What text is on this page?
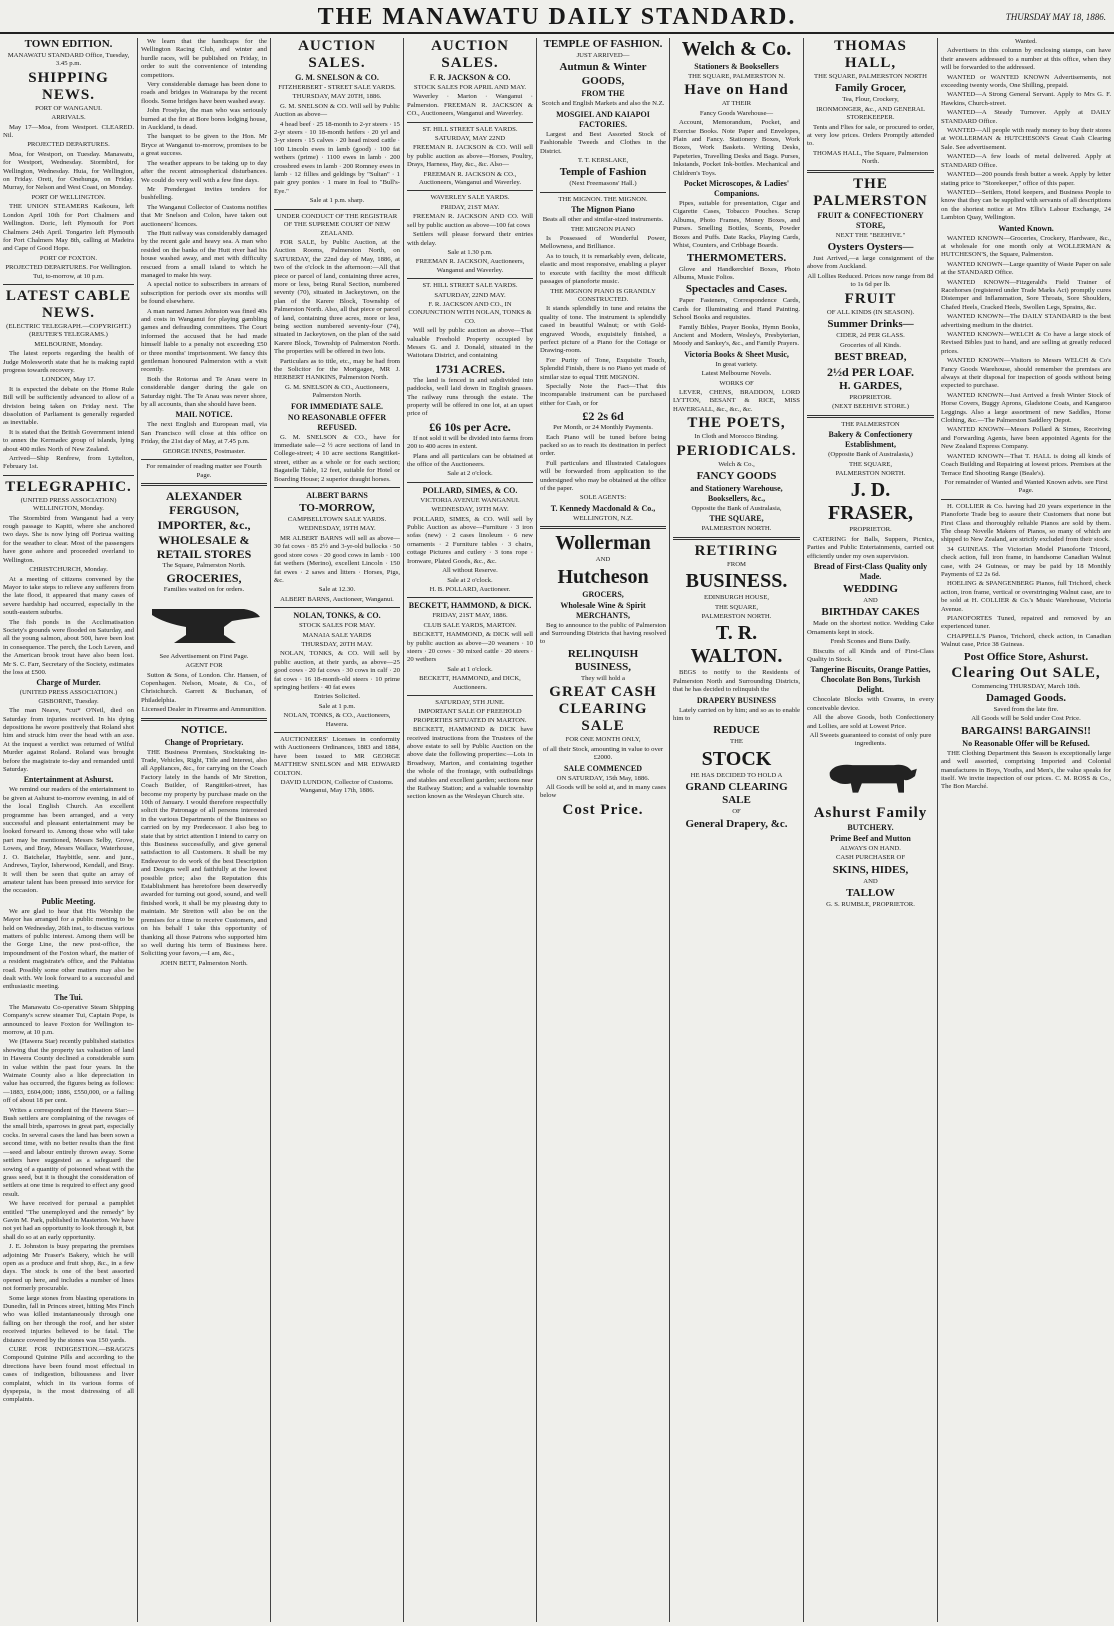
THE MANAWATU DAILY STANDARD.	THURSDAY MAY 18, 1886.

TOWN EDITION.

MANAWATU STANDARD Office, Tuesday, 3.45 p.m.

SHIPPING NEWS.

PORT OF WANGANUI.

ARRIVALS.

May 17—Moa, from Westport. CLEARED. Nil.

PROJECTED DEPARTURES.

Moa, for Westport, on Tuesday. Manawatu, for Westport, Wednesday. Stormbird, for Wellington, Wednesday. Huia, for Wellington, on Friday. Oreti, for Onehunga, on Friday. Murray, for Nelson and West Coast, on Monday.

PORT OF WELLINGTON.

THE UNION STEAMERS Kaikoura, left London April 10th for Port Chalmers and Wellington. Doric, left Plymouth for Port Chalmers 24th April. Tongariro left Plymouth for Port Chalmers May 8th, calling at Madeira and Cape of Good Hope.

PORT OF FOXTON.

PROJECTED DEPARTURES. For Wellington. Tui, to-morrow, at 10 p.m.

LATEST CABLE NEWS.

(ELECTRIC TELEGRAPH.—COPYRIGHT.) (REUTER'S TELEGRAMS.)

MELBOURNE, Monday.

The latest reports regarding the health of Judge Molesworth state that he is making rapid progress towards recovery.

LONDON, May 17.

It is expected the debate on the Home Rule Bill will be sufficiently advanced to allow of a division being taken on Friday next. The dissolution of Parliament is generally regarded as inevitable.

It is stated that the British Government intend to annex the Kermadec group of islands, lying about 400 miles North of New Zealand.

Arrived—Ship Renfrew, from Lyttelton, February 1st.

TELEGRAPHIC.

(UNITED PRESS ASSOCIATION) WELLINGTON, Monday.

The Stormbird from Wanganui had a very rough passage to Kapiti, where she anchored two days. She is now lying off Porirua waiting for the weather to clear. Most of the passengers have gone ashore and proceeded overland to Wellington.

CHRISTCHURCH, Monday.

At a meeting of citizens convened by the Mayor to take steps to relieve any sufferers from the late flood, it appeared that many cases of severe hardship had occurred, especially in the south-eastern suburbs.

The fish ponds in the Acclimatisation Society's grounds were flooded on Saturday, and all the young salmon, about 500, have been lost in consequence. The perch, the Loch Leven, and the American brook trout have also been lost. Mr S. C. Farr, Secretary of the Society, estimates the loss at £500.

Charge of Murder.

(UNITED PRESS ASSOCIATION.) GISBORNE, Tuesday.

The man Neave, *cut* O'Neil, died on Saturday from injuries received. In his dying depositions he swore positively that Roland shot him and struck him over the head with an axe. At the inquest a verdict was returned of Wilful Murder against Roland. Roland was brought before the magistrate to-day and remanded until Saturday.

Entertainment at Ashurst.

We remind our readers of the entertainment to be given at Ashurst to-morrow evening, in aid of the local English Church. An excellent programme has been arranged, and a very successful and pleasant entertainment may be looked forward to. Among those who will take part may be mentioned, Messrs Selby, Grove, Lowes, and Bray, Messrs Wallace, Waterhouse, J. O. Batchelar, Haybittle, senr. and junr., Andrews, Taylor, Isherwood, Kendall, and Bray. It will then be seen that quite an array of amateur talent has been pressed into service for the occasion.

Public Meeting.

We are glad to hear that His Worship the Mayor has arranged for a public meeting to be held on Wednesday, 26th inst., to discuss various matters of public interest. Among them will be the Gorge Line, the new post-office, the impoundment of the Foxton wharf, the matter of a resident magistrate's office, and the Pahiatua road. Possibly some other matters may also be dealt with. We look forward to a successful and enthusiastic meeting.

The Tui.

The Manawatu Co-operative Steam Shipping Company's screw steamer Tui, Captain Pope, is announced to leave Foxton for Wellington to-morrow, at 10 p.m.

We (Hawera Star) recently published statistics showing that the property tax valuation of land in Hawera County declined a considerable sum in value within the past four years. In the Waimate County also a like depreciation in value has occurred, the figures being as follows:—1883, £604,000; 1886, £550,000, or a falling off of about 18 per cent.

Writes a correspondent of the Hawera Star:—Bush settlers are complaining of the ravages of the small birds, sparrows in great part, especially cocks. In several cases the land has been sown a second time, with no better results than the first—seed and labour entirely thrown away. Some settlers have suggested as a safeguard the sowing of a quantity of poisoned wheat with the grass seed, but it is thought the consideration of settlers at one time is required to effect any good result.

We have received for perusal a pamphlet entitled "The unemployed and the remedy" by Gavin M. Park, published in Masterton. We have not yet had an opportunity to look through it, but shall do so at an early opportunity.

J. E. Johnston is busy preparing the premises adjoining Mr Fraser's Bakery, which he will open as a produce and fruit shop, &c., in a few days. The stock is one of the best assorted opened up here, and includes a number of lines not formerly procurable.

Some large stones from blasting operations in Dunedin, fall in Princes street, hitting Mrs Finch who was killed instantaneously through one falling on her through the roof, and her sister received injuries believed to be fatal. The distance covered by the stones was 150 yards.

CURE FOR INDIGESTION.—BRAGG'S Compound Quinine Pills and according to the directions have been found most effectual in cases of indigestion, biliousness and liver complaint, which in its various forms of dyspepsia, is the most distressing of all complaints.

We learn that the handicaps for the Wellington Racing Club, and winter and hurdle races, will be published on Friday, in order to suit the convenience of intending competitors.

Very considerable damage has been done to roads and bridges in Wairarapa by the recent floods. Some bridges have been washed away.

John Frostyke, the man who was seriously burned at the fire at Bore bores lodging house, in Auckland, is dead.

The banquet to be given to the Hon. Mr Bryce at Wanganui to-morrow, promises to be a great success.

The weather appears to be taking up to day after the recent atmospherical disturbances. We could do very well with a few fine days.

Mr Prendergast invites tenders for bushfelling.

The Wanganui Collector of Customs notifies that Mr Snelson and Colon, have taken out auctioneers' licences.

The Hutt railway was considerably damaged by the recent gale and heavy sea. A man who resided on the banks of the Hutt river had his house washed away, and met with difficulty rescued from a small island to which he managed to make his way.

A special notice to subscribers in arrears of subscription for periods over six months will be found elsewhere.

A man named James Johnston was fined 40s and costs in Wanganui for playing gambling games and defrauding committees. The Court informed the accused that he had made himself liable to a penalty not exceeding £50 or three months' imprisonment. We fancy this gentleman honoured Palmerston with a visit recently.

Both the Rotorua and Te Anau were in considerable danger during the gale on Saturday night. The Te Anau was never shore, by all accounts, than she should have been.

MAIL NOTICE.

The next English and European mail, via San Francisco will close at this office on Friday, the 21st day of May, at 7.45 p.m.

GEORGE INNES, Postmaster.

For remainder of reading matter see Fourth Page.

ALEXANDER FERGUSON,

IMPORTER, &c.,

WHOLESALE & RETAIL STORES

The Square, Palmerston North.

GROCERIES,

Families waited on for orders.

See Advertisement on First Page.

AGENT FOR

Sutton & Sons, of London. Chr. Hansen, of Copenhagen. Nelson, Moate, & Co., of Christchurch. Garrett & Buchanan, of Philadelphia.

Licensed Dealer in Firearms and Ammunition.

NOTICE.

Change of Proprietary.

THE Business Premises, Stocktaking in-Trade, Vehicles, Right, Title and Interest, also all Appliances, &c., for carrying on the Coach Factory lately in the hands of Mr Stretton, Coach Builder, of Rangitikei-street, has become my property by purchase made on the 10th of January. I would therefore respectfully solicit the Patronage of all persons interested in the various Departments of the Business so carried on by my Predecessor. I also beg to state that by strict attention I intend to carry on this Business successfully, and give general satisfaction to all Customers. It shall be my Endeavour to do work of the best Description and Designs well and faithfully at the lowest possible price; also the Reputation this Establishment has heretofore been deservedly awarded for turning out good, sound, and well finished work, it shall be my pleasing duty to maintain. Mr Stretton will also be on the premises for a time to receive Customers, and on his behalf I take this opportunity of thanking all those Patrons who supported him so well during his term of Business here. Soliciting your favors,—I am, &c.,

JOHN BETT, Palmerston North.

AUCTION SALES.

G. M. SNELSON & CO.

FITZHERBERT - STREET SALE YARDS.

THURSDAY, MAY 20TH, 1886.

G. M. SNELSON & CO. Will sell by Public Auction as above—

4 head beef · 25 18-month to 2-yr steers · 15 2-yr steers · 10 18-month heifers · 20 yrl and 3-yr steers · 15 calves · 20 head mixed cattle · 100 Lincoln ewes in lamb (good) · 100 fat wethers (prime) · 1100 ewes in lamb · 200 crossbred ewes in lamb · 200 Romney ewes in lamb · 12 fillies and geldings by "Sultan" · 1 pair grey ponies · 1 mare in foal to "Bull's-Eye."

Sale at 1 p.m. sharp.

UNDER CONDUCT OF THE REGISTRAR OF THE SUPREME COURT OF NEW ZEALAND.

FOR SALE, by Public Auction, at the Auction Rooms, Palmerston North, on SATURDAY, the 22nd day of May, 1886, at two of the o'clock in the afternoon:—All that piece or parcel of land, containing three acres, more or less, being Rural Section, numbered seventy (70), situated in Jackeytown, on the plan of the Karere Block, Township of Palmerston North. Also, all that piece or parcel of land, containing three acres, more or less, being section numbered seventy-four (74), situated in Jackeytown, on the plan of the said Karere Block, Township of Palmerston North. The properties will be offered in two lots.

Particulars as to title, etc., may be had from the Solicitor for the Mortgagee, MR J. HERBERT HANKINS, Palmerston North.

G. M. SNELSON & CO., Auctioneers, Palmerston North.

FOR IMMEDIATE SALE.

NO REASONABLE OFFER REFUSED.

G. M. SNELSON & CO., have for immediate sale—2 ½ acre sections of land in College-street; 4 10 acre sections Rangitikei-street, either as a whole or for each section; Bagatelle Table, 12 feet, suitable for Hotel or Boarding House; 2 superior draught horses.

ALBERT BARNS

TO-MORROW,

CAMPBELLTOWN SALE YARDS.

WEDNESDAY, 19TH MAY.

MR ALBERT BARNS will sell as above—30 fat cows · 85 2½ and 3-yr-old bullocks · 50 good store cows · 20 good cows in lamb · 100 fat wethers (Merino), excellent Lincoln · 150 fat ewes · 2 saws and litters · Horses, Pigs, &c.

Sale at 12.30.

ALBERT BARNS, Auctioneer, Wanganui.

NOLAN, TONKS, & CO.

STOCK SALES FOR MAY.

MANAIA SALE YARDS

THURSDAY, 20TH MAY.

NOLAN, TONKS, & CO. Will sell by public auction, at their yards, as above—25 good cows · 20 fat cows · 30 cows in calf · 20 fat cows · 16 18-month-old steers · 10 prime springing heifers · 40 fat ewes

Entries Solicited.

Sale at 1 p.m.

NOLAN, TONKS, & CO., Auctioneers, Hawera.

AUCTIONEERS' Licenses in conformity with Auctioneers Ordinances, 1883 and 1884, have been issued to MR GEORGE MATTHEW SNELSON and MR EDWARD COLTON.

DAVID LUNDON, Collector of Customs. Wanganui, May 17th, 1886.

AUCTION SALES.

F. R. JACKSON & CO.

STOCK SALES FOR APRIL AND MAY.

Waverley · Marton · Wanganui · Palmerston. FREEMAN R. JACKSON & CO., Auctioneers, Wanganui and Waverley.

ST. HILL STREET SALE YARDS.

SATURDAY, MAY 22ND

FREEMAN R. JACKSON & CO. Will sell by public auction as above—Horses, Poultry, Drays, Harness, Hay, &c., &c. Also—

FREEMAN R. JACKSON & CO., Auctioneers, Wanganui and Waverley.

WAVERLEY SALE YARDS.

FRIDAY, 21ST MAY.

FREEMAN R. JACKSON AND CO. Will sell by public auction as above—100 fat cows

Settlers will please forward their entries with delay.

Sale at 1.30 p.m.

FREEMAN R. JACKSON, Auctioneers, Wanganui and Waverley.

ST. HILL STREET SALE YARDS.

SATURDAY, 22ND MAY.

F. R. JACKSON AND CO., IN CONJUNCTION WITH NOLAN, TONKS & CO.

Will sell by public auction as above—That valuable Freehold Property occupied by Messrs G. and J. Donald, situated in the Waitotara District, and containing

1731 ACRES.

The land is fenced in and subdivided into paddocks, well laid down in English grasses. The railway runs through the estate. The property will be offered in one lot, at an upset price of

£6 10s per Acre.

If not sold it will be divided into farms from 200 to 400 acres in extent.

Plans and all particulars can be obtained at the office of the Auctioneers.

Sale at 2 o'clock.

POLLARD, SIMES, & CO.

VICTORIA AVENUE WANGANUI.

WEDNESDAY, 19TH MAY.

POLLARD, SIMES, & CO. Will sell by Public Auction as above—Furniture · 3 iron sofas (new) · 2 cases linoleum · 6 new ornaments · 2 Furniture tables · 3 chairs, cottage Pictures and cutlery · 3 tons rope · Ironware, Plated Goods, &c., &c.

All without Reserve.

Sale at 2 o'clock.

H. B. POLLARD, Auctioneer.

BECKETT, HAMMOND, & DICK.

FRIDAY, 21ST MAY, 1886.

CLUB SALE YARDS, MARTON.

BECKETT, HAMMOND, & DICK will sell by public auction as above—20 weaners · 10 steers · 20 cows · 30 mixed cattle · 20 steers · 20 wethers

Sale at 1 o'clock.

BECKETT, HAMMOND, and DICK, Auctioneers.

SATURDAY, 5TH JUNE.

IMPORTANT SALE OF FREEHOLD PROPERTIES SITUATED IN MARTON.

BECKETT, HAMMOND & DICK have received instructions from the Trustees of the above estate to sell by Public Auction on the above date the following properties:—Lots in Broadway, Marton, and containing together the whole of the frontage, with outbuildings and stables and excellent garden; sections near the Railway Station; and a valuable township section known as the Wesleyan Church site.

TEMPLE OF FASHION.

JUST ARRIVED—

Autmun & Winter

GOODS,

FROM THE

Scotch and English Markets and also the N.Z.

MOSGIEL AND KAIAPOI FACTORIES.

Largest and Best Assorted Stock of Fashionable Tweeds and Clothes in the District.

T. T. KERSLAKE,

Temple of Fashion

(Next Freemasons' Hall.)

THE MIGNON. THE MIGNON.

The Mignon Piano

Beats all other and similar-sized instruments.

THE MIGNON PIANO

Is Possessed of Wonderful Power, Mellowness, and Brilliance.

As to touch, it is remarkably even, delicate, elastic and most responsive, enabling a player to execute with facility the most difficult passages of pianoforte music.

THE MIGNON PIANO IS GRANDLY CONSTRUCTED.

It stands splendidly in tune and retains the quality of tone. The instrument is splendidly cased in beautiful Walnut; or with Gold-engraved Woods, exquisitely finished, a perfect picture of a Piano for the Cottage or Drawing-room.

For Purity of Tone, Exquisite Touch, Splendid Finish, there is no Piano yet made of similar size to equal THE MIGNON.

Specially Note the Fact—That this incomparable instrument can be purchased either for Cash, or for

£2 2s 6d

Per Month, or 24 Monthly Payments.

Each Piano will be tuned before being packed so as to reach its destination in perfect order.

Full particulars and Illustrated Catalogues will be forwarded from application to the undersigned who may be obtained at the office of the paper.

SOLE AGENTS:

T. Kennedy Macdonald & Co.,

WELLINGTON, N.Z.

Wollerman

AND

Hutcheson

GROCERS,

Wholesale Wine & Spirit MERCHANTS,

Beg to announce to the public of Palmerston and Surrounding Districts that having resolved to

RELINQUISH BUSINESS,

They will hold a

GREAT CASH CLEARING SALE

FOR ONE MONTH ONLY,

of all their Stock, amounting in value to over £2000.

SALE COMMENCED

ON SATURDAY, 15th May, 1886.

All Goods will be sold at, and in many cases below

Cost Price.

Welch & Co.

Stationers & Booksellers

THE SQUARE, PALMERSTON N.

Have on Hand

AT THEIR

Fancy Goods Warehouse—

Account, Memorandum, Pocket, and Exercise Books. Note Paper and Envelopes, Plain and Fancy. Stationery Boxes, Work Boxes, Work Baskets. Writing Desks, Papeteries, Travelling Desks and Bags. Purses, Inkstands, Pocket Ink-bottles. Mechanical and Children's Toys.

Pocket Microscopes, & Ladies' Companions.

Pipes, suitable for presentation, Cigar and Cigarette Cases, Tobacco Pouches. Scrap Albums, Photo Frames, Money Boxes, and Purses. Smelling Bottles, Scents, Powder Boxes and Puffs. Date Racks, Playing Cards, Whist, Counters, and Cribbage Boards.

THERMOMETERS.

Glove and Handkerchief Boxes, Photo Albums, Music Folios.

Spectacles and Cases.

Paper Fasteners, Correspondence Cards, Cards for Illuminating and Hand Painting. School Books and requisites.

Family Bibles, Prayer Books, Hymn Books, Ancient and Modern, Wesley's, Presbyterian, Moody and Sankey's, &c., and Family Prayers.

Victoria Books & Sheet Music,

In great variety.

Latest Melbourne Novels.

WORKS OF

LEVER, CHENS, BRADDON, LORD LYTTON, BESANT & RICE, MISS HAVERGALL, &c., &c., &c.

THE POETS,

In Cloth and Morocco Binding.

PERIODICALS.

Welch & Co.,

FANCY GOODS

and Stationery Warehouse, Booksellers, &c.,

Opposite the Bank of Australasia,

THE SQUARE,

PALMERSTON NORTH.

RETIRING

FROM

BUSINESS.

EDINBURGH HOUSE,

THE SQUARE,

PALMERSTON NORTH.

T. R. WALTON.

BEGS to notify to the Residents of Palmerston North and Surrounding Districts, that he has decided to relinquish the

DRAPERY BUSINESS

Lately carried on by him; and so as to enable him to

REDUCE

THE

STOCK

HE HAS DECIDED TO HOLD A

GRAND CLEARING SALE

OF

General Drapery, &c.

THOMAS HALL,

THE SQUARE, PALMERSTON NORTH

Family Grocer,

Tea, Flour, Crockery,

IRONMONGER, &c., AND GENERAL STOREKEEPER.

Tents and Flies for sale, or procured to order, at very low prices. Orders Promptly attended to.

THOMAS HALL, The Square, Palmerston North.

THE PALMERSTON

FRUIT & CONFECTIONERY STORE,

NEXT THE "BEEHIVE."

Oysters Oysters—

Just Arrived,—a large consignment of the above from Auckland.

All Lollies Reduced. Prices now range from 8d to 1s 6d per lb.

FRUIT

OF ALL KINDS (IN SEASON).

Summer Drinks—

CIDER, 2d PER GLASS.

Groceries of all Kinds.

BEST BREAD,

2½d PER LOAF.

H. GARDES,

PROPRIETOR.

(NEXT BEEHIVE STORE.)

THE PALMERSTON

Bakery & Confectionery Establishment,

(Opposite Bank of Australasia,)

THE SQUARE,

PALMERSTON NORTH.

J. D. FRASER,

PROPRIETOR.

CATERING for Balls, Suppers, Picnics, Parties and Public Entertainments, carried out efficiently under my own supervision.

Bread of First-Class Quality only Made.

WEDDING

AND

BIRTHDAY CAKES

Made on the shortest notice. Wedding Cake Ornaments kept in stock.

Fresh Scones and Buns Daily.

Biscuits of all Kinds and of First-Class Quality in Stock.

Tangerine Biscuits, Orange Patties, Chocolate Bon Bons, Turkish Delight.

Chocolate Blocks with Creams, in every conceivable device.

All the above Goods, both Confectionery and Lollies, are sold at Lowest Price.

All Sweets guaranteed to consist of only pure ingredients.

Ashurst Family

BUTCHERY.

Prime Beef and Mutton

ALWAYS ON HAND.

CASH PURCHASER OF

SKINS, HIDES,

AND

TALLOW

G. S. RUMBLE, PROPRIETOR.

Wanted.

Advertisers in this column by enclosing stamps, can have their answers addressed to a number at this office, when they will be forwarded to the addressed.

WANTED or WANTED KNOWN Advertisements, not exceeding twenty words, One Shilling, prepaid.

WANTED—A Strong General Servant. Apply to Mrs G. F. Hawkins, Church-street.

WANTED—A Steady Turnover. Apply at DAILY STANDARD Office.

WANTED—All people with ready money to buy their stores at WOLLERMAN & HUTCHESON'S Great Cash Clearing Sale. See advertisement.

WANTED—A few loads of metal delivered. Apply at STANDARD Office.

WANTED—200 pounds fresh butter a week. Apply by letter stating price to "Storekeeper," office of this paper.

WANTED—Settlers, Hotel keepers, and Business People to know that they can be supplied with servants of all descriptions on the shortest notice at Mrs Ellis's Labour Exchange, 24 Lambton Quay, Wellington.

Wanted Known.

WANTED KNOWN—Groceries, Crockery, Hardware, &c., at wholesale for one month only at WOLLERMAN & HUTCHESON'S, the Square, Palmerston.

WANTED KNOWN—Large quantity of Waste Paper on sale at the STANDARD Office.

WANTED KNOWN—Fitzgerald's Field Trainer of Racehorses (registered under Trade Marks Act) promptly cures Distemper and Inflammation, Sore Throats, Sore Shoulders, Chafed Heels, Cracked Heels, Swollen Legs, Sprains, &c.

WANTED KNOWN—The DAILY STANDARD is the best advertising medium in the district.

WANTED KNOWN—WELCH & Co have a large stock of Revised Bibles just to hand, and are selling at greatly reduced prices.

WANTED KNOWN—Visitors to Messrs WELCH & Co's Fancy Goods Warehouse, should remember the premises are always at their disposal for inspection of goods without being expected to purchase.

WANTED KNOWN—Just Arrived a fresh Winter Stock of Horse Covers, Buggy Aprons, Gladstone Coats, and Kangaroo Leggings. Also a large assortment of new Saddles, Horse Clothing, &c.—The Palmerston Saddlery Depot.

WANTED KNOWN—Messrs Pollard & Simes, Receiving and Forwarding Agents, have been appointed Agents for the New Zealand Express Company.

WANTED KNOWN—That T. HALL is doing all kinds of Coach Building and Repairing at lowest prices. Premises at the Terrace End Shooting Range (Beale's).

For remainder of Wanted and Wanted Known advts. see First Page.

H. COLLIER & Co. having had 20 years experience in the Pianoforte Trade beg to assure their Customers that none but First Class and thoroughly reliable Pianos are sold by them. The cheap Novelle Makers of Pianos, so many of which are shipped to New Zealand, are strictly excluded from their stock.

34 GUINEAS. The Victorian Model Pianoforte Tricord, check action, full iron frame, in handsome Canadian Walnut case, with 24 Guineas, or may be paid by 18 Monthly Payments of £2 2s 6d.

HOELING & SPANGENBERG Pianos, full Trichord, check action, iron frame, vertical or overstringing Walnut case, are to be sold at H. COLLIER & Co.'s Music Warehouse, Victoria Avenue.

PIANOFORTES Tuned, repaired and removed by an experienced tuner.

CHAPPELL'S Pianos, Trichord, check action, in Canadian Walnut case, Price 38 Guineas.

Post Office Store, Ashurst.

Clearing Out SALE,

Commencing THURSDAY, March 18th.

Damaged Goods.

Saved from the late fire.

All Goods will be Sold under Cost Price.

BARGAINS! BARGAINS!!

No Reasonable Offer will be Refused.

THE Clothing Department this Season is exceptionally large and well assorted, comprising Imported and Colonial manufactures in Boys, Youths, and Men's, the value speaks for itself. We invite inspection of our prices. C. M. ROSS & Co., The Bon Marché.
